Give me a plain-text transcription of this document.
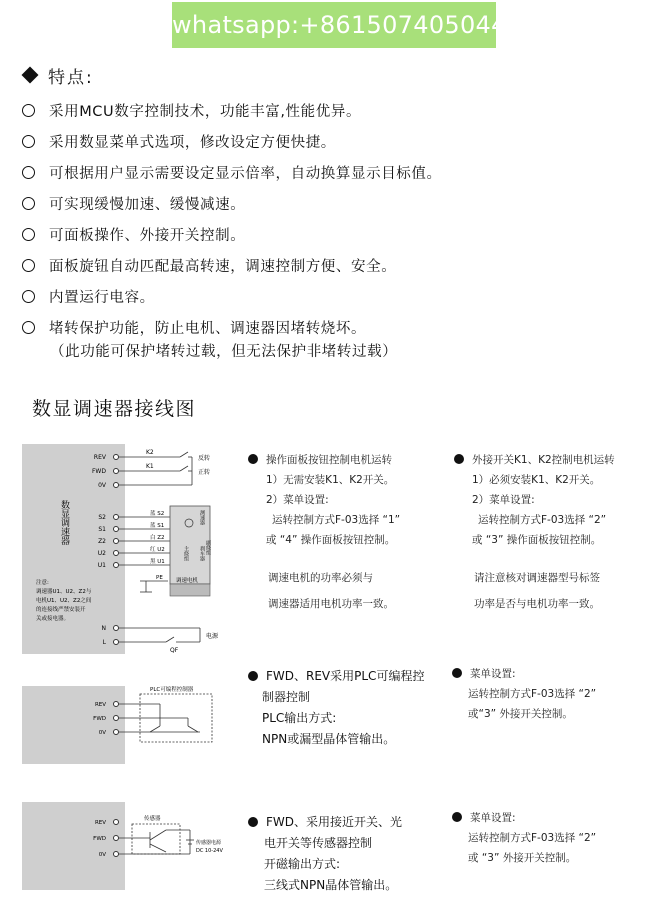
whatsapp:+8615074050449
特点:
采用MCU数字控制技术，功能丰富,性能优异。
采用数显菜单式选项，修改设定方便快捷。
可根据用户显示需要设定显示倍率，自动换算显示目标值。
可实现缓慢加速、缓慢减速。
可面板操作、外接开关控制。
面板旋钮自动匹配最高转速，调速控制方便、安全。
内置运行电容。
堵转保护功能，防止电机、调速器因堵转烧坏。
（此功能可保护堵转过载，但无法保护非堵转过载）
数显调速器接线图
数显调速器
REV
FWD
0V
K2
K1
反转
正转
S2
S1
Z2
U2
U1
蓝 S2
蓝 S1
白 Z2
红 U2
黑 U1
PE
测速器
刹车器
主绕组	副绕组
调速电机
注意:
调速器U1、U2、Z2与
电机U1、U2、Z2之间
的连接线严禁安装开
关或接电器。
N
L
QF
电源
操作面板按钮控制电机运转
1）无需安装K1、K2开关。
2）菜单设置:
运转控制方式F-03选择 “1”
或 “4” 操作面板按钮控制。
调速电机的功率必须与
调速器适用电机功率一致。
外接开关K1、K2控制电机运转
1）必须安装K1、K2开关。
2）菜单设置:
运转控制方式F-03选择 “2”
或 “3” 操作面板按钮控制。
请注意核对调速器型号标签
功率是否与电机功率一致。
REV
FWD
0V
PLC可编程控制器
FWD、REV采用PLC可编程控
制器控制
PLC输出方式:
NPN或漏型晶体管输出。
菜单设置:
运转控制方式F-03选择 “2”
或“3” 外接开关控制。
REV
FWD
0V
传感器
传感器电源
DC 10-24V
FWD、采用接近开关、光
电开关等传感器控制
开磁输出方式:
三线式NPN晶体管输出。
菜单设置:
运转控制方式F-03选择 “2”
或 “3” 外接开关控制。
